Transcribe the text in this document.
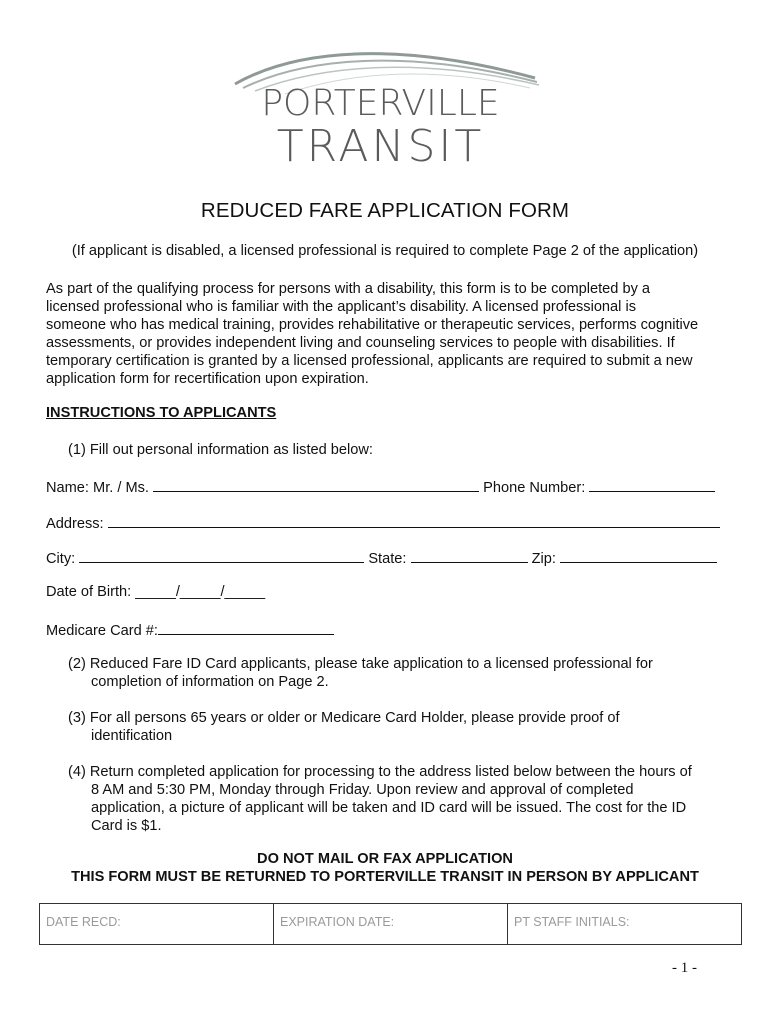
PORTERVILLE
TRANSIT
REDUCED FARE APPLICATION FORM
(If applicant is disabled, a licensed professional is required to complete Page 2 of the application)
As part of the qualifying process for persons with a disability, this form is to be completed by a
licensed professional who is familiar with the applicant’s disability. A licensed professional is
someone who has medical training, provides rehabilitative or therapeutic services, performs cognitive
assessments, or provides independent living and counseling services to people with disabilities. If
temporary certification is granted by a licensed professional, applicants are required to submit a new
application form for recertification upon expiration.
INSTRUCTIONS TO APPLICANTS
(1) Fill out personal information as listed below:
Name: Mr. / Ms.	Phone Number:
Address:
City:	State:	Zip:
Date of Birth: _____/_____/_____
Medicare Card #:
(2) Reduced Fare ID Card applicants, please take application to a licensed professional for
completion of information on Page 2.
(3) For all persons 65 years or older or Medicare Card Holder, please provide proof of
identification
(4) Return completed application for processing to the address listed below between the hours of
8 AM and 5:30 PM, Monday through Friday. Upon review and approval of completed
application, a picture of applicant will be taken and ID card will be issued. The cost for the ID
Card is $1.
DO NOT MAIL OR FAX APPLICATION
THIS FORM MUST BE RETURNED TO PORTERVILLE TRANSIT IN PERSON BY APPLICANT
DATE RECD:	EXPIRATION DATE:	PT STAFF INITIALS:
- 1 -
